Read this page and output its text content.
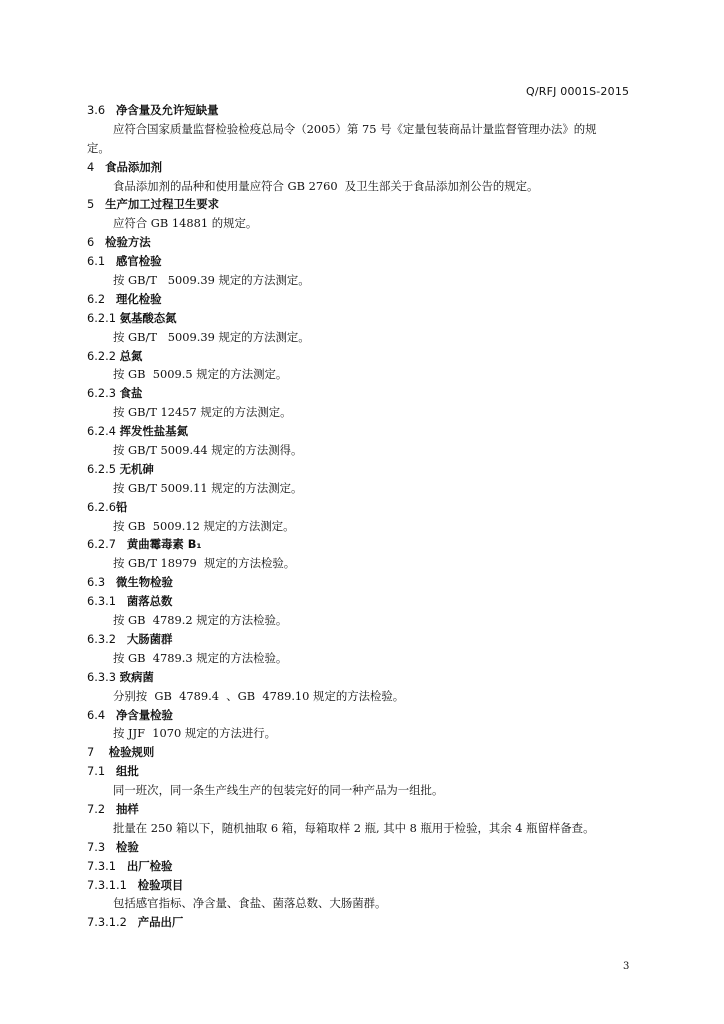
Q/RFJ 0001S-2015
3.6   净含量及允许短缺量
应符合国家质量监督检验检疫总局令（2005）第 75 号《定量包装商品计量监督管理办法》的规
定。
4   食品添加剂
食品添加剂的品种和使用量应符合 GB 2760  及卫生部关于食品添加剂公告的规定。
5   生产加工过程卫生要求
应符合 GB 14881 的规定。
6   检验方法
6.1   感官检验
按 GB/T   5009.39 规定的方法测定。
6.2   理化检验
6.2.1 氨基酸态氮
按 GB/T   5009.39 规定的方法测定。
6.2.2 总氮
按 GB  5009.5 规定的方法测定。
6.2.3 食盐
按 GB/T 12457 规定的方法测定。
6.2.4 挥发性盐基氮
按 GB/T 5009.44 规定的方法测得。
6.2.5 无机砷
按 GB/T 5009.11 规定的方法测定。
6.2.6铅
按 GB  5009.12 规定的方法测定。
6.2.7   黄曲霉毒素 B₁
按 GB/T 18979  规定的方法检验。
6.3   微生物检验
6.3.1   菌落总数
按 GB  4789.2 规定的方法检验。
6.3.2   大肠菌群
按 GB  4789.3 规定的方法检验。
6.3.3 致病菌
分别按  GB  4789.4  、GB  4789.10 规定的方法检验。
6.4   净含量检验
按 JJF  1070 规定的方法进行。
7    检验规则
7.1   组批
同一班次，同一条生产线生产的包装完好的同一种产品为一组批。
7.2   抽样
批量在 250 箱以下，随机抽取 6 箱，每箱取样 2 瓶, 其中 8 瓶用于检验，其余 4 瓶留样备查。
7.3   检验
7.3.1   出厂检验
7.3.1.1   检验项目
包括感官指标、净含量、食盐、菌落总数、大肠菌群。
7.3.1.2   产品出厂
3
